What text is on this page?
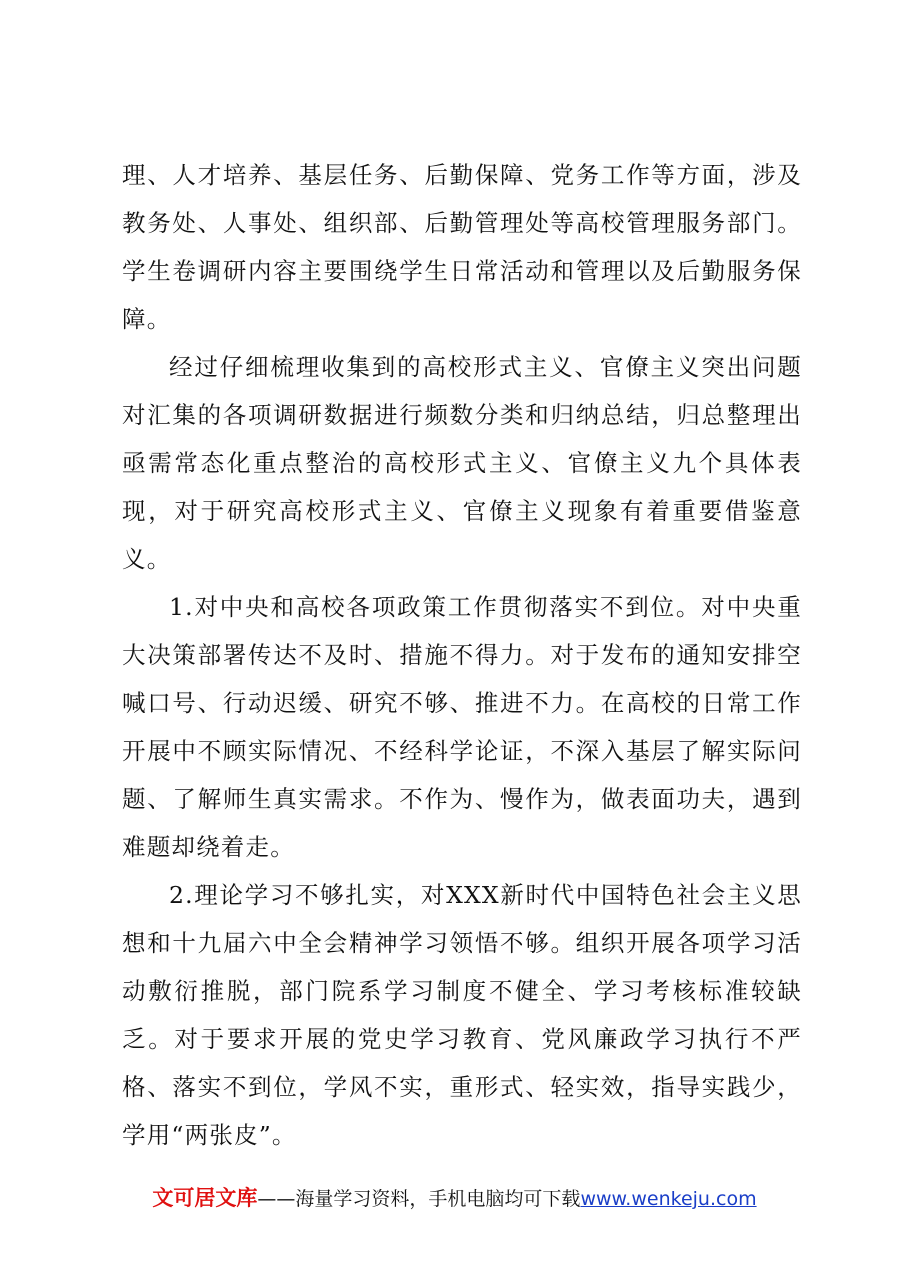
理、人才培养、基层任务、后勤保障、党务工作等方面，涉及教务处、人事处、组织部、后勤管理处等高校管理服务部门。学生卷调研内容主要围绕学生日常活动和管理以及后勤服务保障。

经过仔细梳理收集到的高校形式主义、官僚主义突出问题对汇集的各项调研数据进行频数分类和归纳总结，归总整理出亟需常态化重点整治的高校形式主义、官僚主义九个具体表现，对于研究高校形式主义、官僚主义现象有着重要借鉴意义。

1.对中央和高校各项政策工作贯彻落实不到位。对中央重大决策部署传达不及时、措施不得力。对于发布的通知安排空喊口号、行动迟缓、研究不够、推进不力。在高校的日常工作开展中不顾实际情况、不经科学论证，不深入基层了解实际问题、了解师生真实需求。不作为、慢作为，做表面功夫，遇到难题却绕着走。

2.理论学习不够扎实，对XXX新时代中国特色社会主义思想和十九届六中全会精神学习领悟不够。组织开展各项学习活动敷衍推脱，部门院系学习制度不健全、学习考核标准较缺乏。对于要求开展的党史学习教育、党风廉政学习执行不严格、落实不到位，学风不实，重形式、轻实效，指导实践少，学用“两张皮”。

文可居文库——海量学习资料，手机电脑均可下载www.wenkeju.com
